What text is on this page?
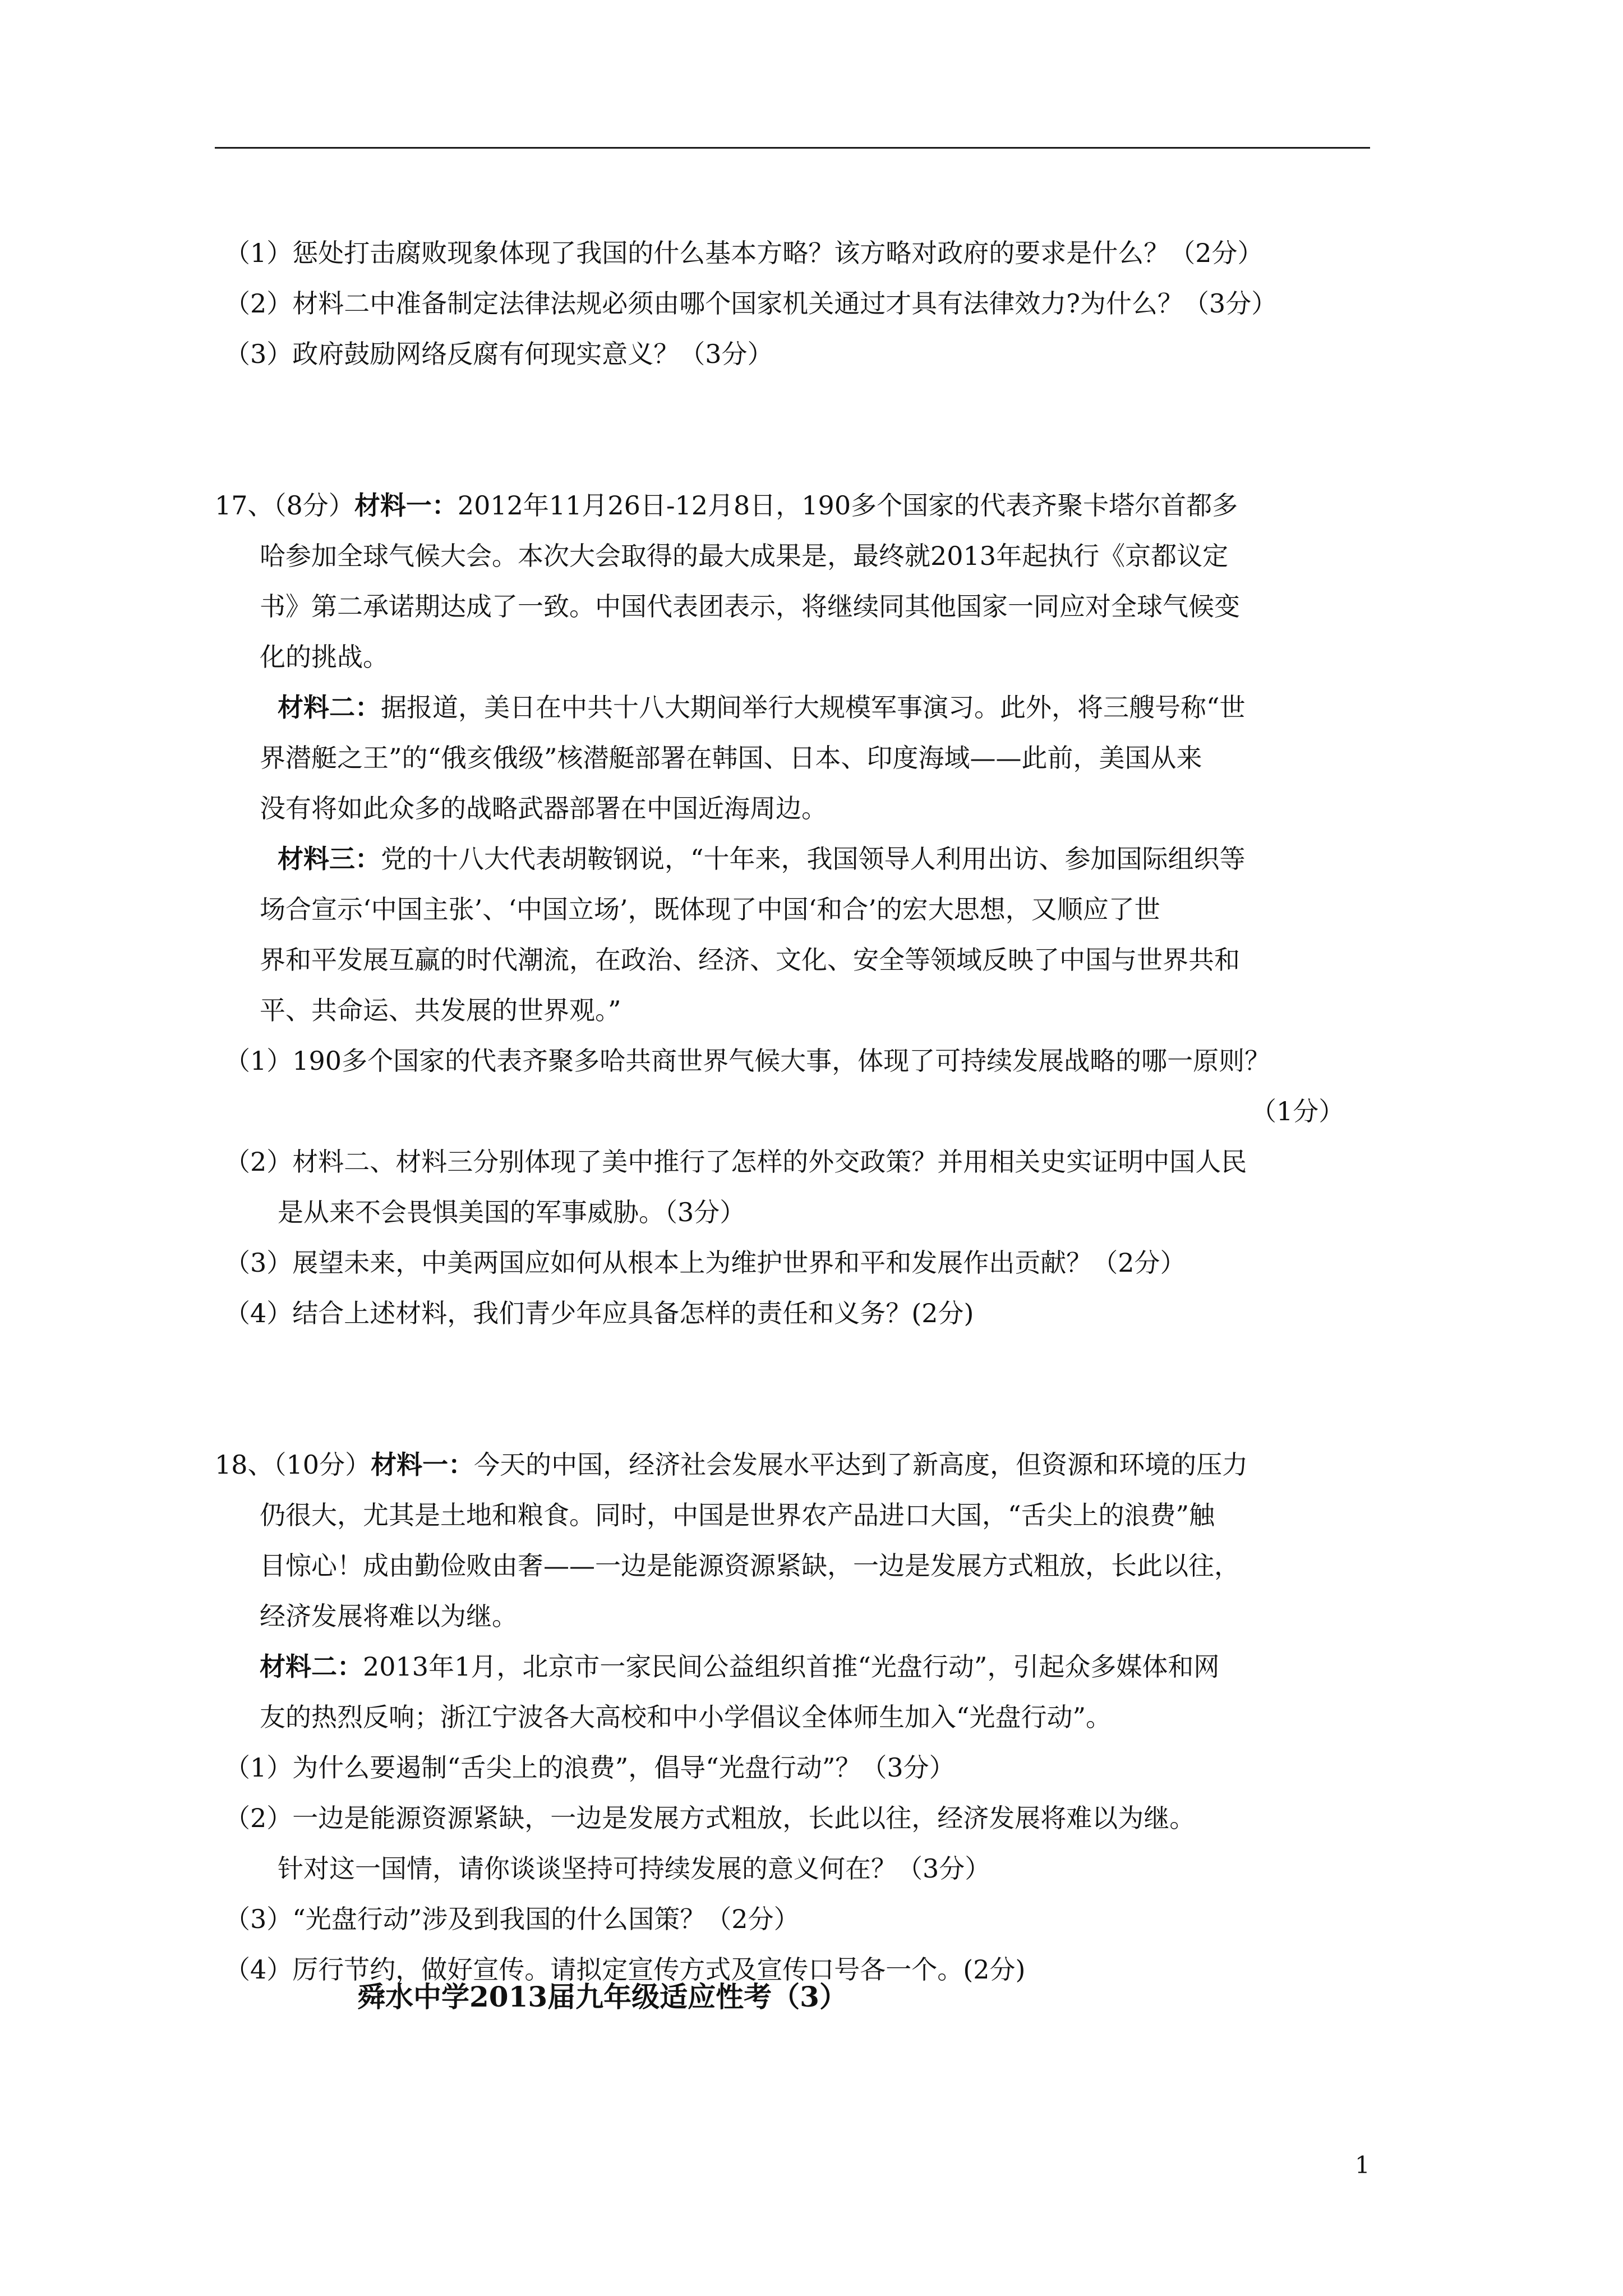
（1）惩处打击腐败现象体现了我国的什么基本方略？该方略对政府的要求是什么？（2分）
（2）材料二中准备制定法律法规必须由哪个国家机关通过才具有法律效力?为什么？（3分）
（3）政府鼓励网络反腐有何现实意义？（3分）
17、（8分）材料一：2012年11月26日-12月8日，190多个国家的代表齐聚卡塔尔首都多
哈参加全球气候大会。本次大会取得的最大成果是，最终就2013年起执行《京都议定
书》第二承诺期达成了一致。中国代表团表示，将继续同其他国家一同应对全球气候变
化的挑战。
材料二：据报道，美日在中共十八大期间举行大规模军事演习。此外，将三艘号称“世
界潜艇之王”的“俄亥俄级”核潜艇部署在韩国、日本、印度海域——此前，美国从来
没有将如此众多的战略武器部署在中国近海周边。
材料三：党的十八大代表胡鞍钢说，“十年来，我国领导人利用出访、参加国际组织等
场合宣示‘中国主张’、‘中国立场’，既体现了中国‘和合’的宏大思想，又顺应了世
界和平发展互赢的时代潮流，在政治、经济、文化、安全等领域反映了中国与世界共和
平、共命运、共发展的世界观。”
（1）190多个国家的代表齐聚多哈共商世界气候大事，体现了可持续发展战略的哪一原则？
（1分）
（2）材料二、材料三分别体现了美中推行了怎样的外交政策？并用相关史实证明中国人民
是从来不会畏惧美国的军事威胁。（3分）
（3）展望未来，中美两国应如何从根本上为维护世界和平和发展作出贡献？（2分）
（4）结合上述材料，我们青少年应具备怎样的责任和义务？(2分)
18、（10分）材料一：今天的中国，经济社会发展水平达到了新高度，但资源和环境的压力
仍很大，尤其是土地和粮食。同时，中国是世界农产品进口大国，“舌尖上的浪费”触
目惊心！成由勤俭败由奢——一边是能源资源紧缺，一边是发展方式粗放，长此以往，
经济发展将难以为继。
材料二：2013年1月，北京市一家民间公益组织首推“光盘行动”，引起众多媒体和网
友的热烈反响；浙江宁波各大高校和中小学倡议全体师生加入“光盘行动”。
（1）为什么要遏制“舌尖上的浪费”，倡导“光盘行动”？（3分）
（2）一边是能源资源紧缺，一边是发展方式粗放，长此以往，经济发展将难以为继。
针对这一国情，请你谈谈坚持可持续发展的意义何在？（3分）
（3）“光盘行动”涉及到我国的什么国策？（2分）
（4）厉行节约，做好宣传。请拟定宣传方式及宣传口号各一个。(2分)
舜水中学2013届九年级适应性考（3）
1
